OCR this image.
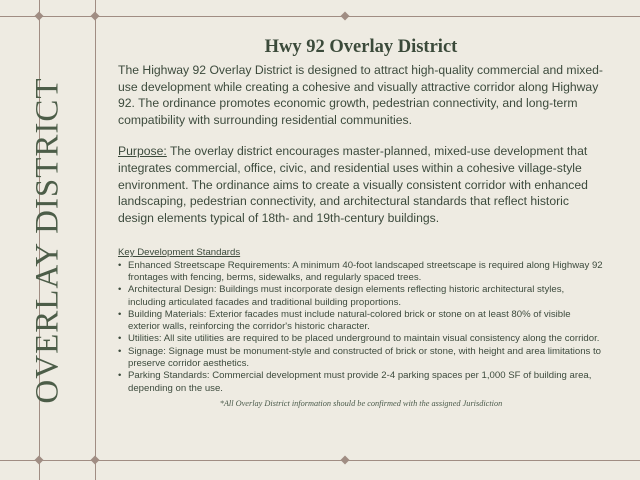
OVERLAY DISTRICT
Hwy 92 Overlay District

The Highway 92 Overlay District is designed to attract high-quality commercial and mixed-use development while creating a cohesive and visually attractive corridor along Highway 92. The ordinance promotes economic growth, pedestrian connectivity, and long-term compatibility with surrounding residential communities.

Purpose: The overlay district encourages master-planned, mixed-use development that integrates commercial, office, civic, and residential uses within a cohesive village-style environment. The ordinance aims to create a visually consistent corridor with enhanced landscaping, pedestrian connectivity, and architectural standards that reflect historic design elements typical of 18th- and 19th-century buildings.

Key Development Standards

• Enhanced Streetscape Requirements: A minimum 40-foot landscaped streetscape is required along Highway 92 frontages with fencing, berms, sidewalks, and regularly spaced trees.
• Architectural Design: Buildings must incorporate design elements reflecting historic architectural styles, including articulated facades and traditional building proportions.
• Building Materials: Exterior facades must include natural-colored brick or stone on at least 80% of visible exterior walls, reinforcing the corridor's historic character.
• Utilities: All site utilities are required to be placed underground to maintain visual consistency along the corridor.
• Signage: Signage must be monument-style and constructed of brick or stone, with height and area limitations to preserve corridor aesthetics.
• Parking Standards: Commercial development must provide 2-4 parking spaces per 1,000 SF of building area, depending on the use.
*All Overlay District information should be confirmed with the assigned Jurisdiction
